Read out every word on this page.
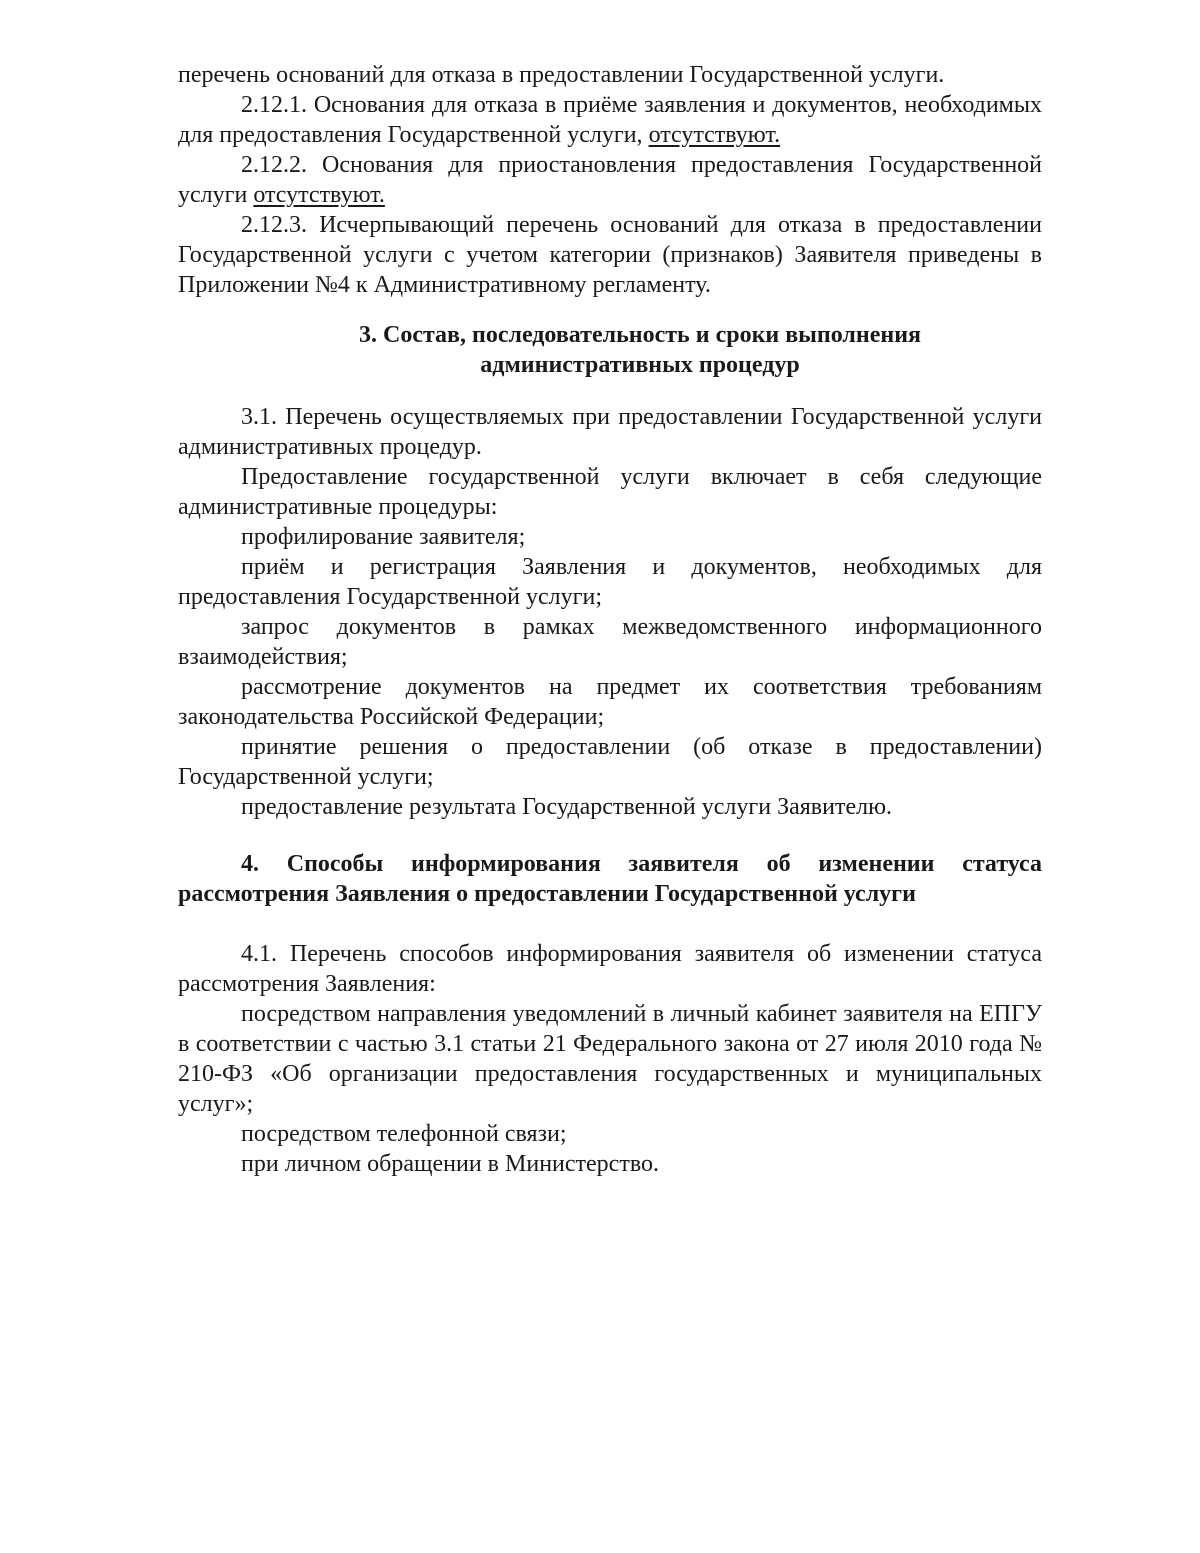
перечень оснований для отказа в предоставлении Государственной услуги.

2.12.1. Основания для отказа в приёме заявления и документов, необходимых для предоставления Государственной услуги, отсутствуют.

2.12.2. Основания для приостановления предоставления Государственной услуги отсутствуют.

2.12.3. Исчерпывающий перечень оснований для отказа в предоставлении Государственной услуги с учетом категории (признаков) Заявителя приведены в Приложении №4 к Административному регламенту.

3. Состав, последовательность и сроки выполнения
административных процедур

3.1. Перечень осуществляемых при предоставлении Государственной услуги административных процедур.

Предоставление государственной услуги включает в себя следующие административные процедуры:

профилирование заявителя;

приём и регистрация Заявления и документов, необходимых для предоставления Государственной услуги;

запрос документов в рамках межведомственного информационного взаимодействия;

рассмотрение документов на предмет их соответствия требованиям законодательства Российской Федерации;

принятие решения о предоставлении (об отказе в предоставлении) Государственной услуги;

предоставление результата Государственной услуги Заявителю.

4. Способы информирования заявителя об изменении статуса рассмотрения Заявления о предоставлении Государственной услуги

4.1. Перечень способов информирования заявителя об изменении статуса рассмотрения Заявления:

посредством направления уведомлений в личный кабинет заявителя на ЕПГУ в соответствии с частью 3.1 статьи 21 Федерального закона от 27 июля 2010 года № 210-ФЗ «Об организации предоставления государственных и муниципальных услуг»;

посредством телефонной связи;

при личном обращении в Министерство.
